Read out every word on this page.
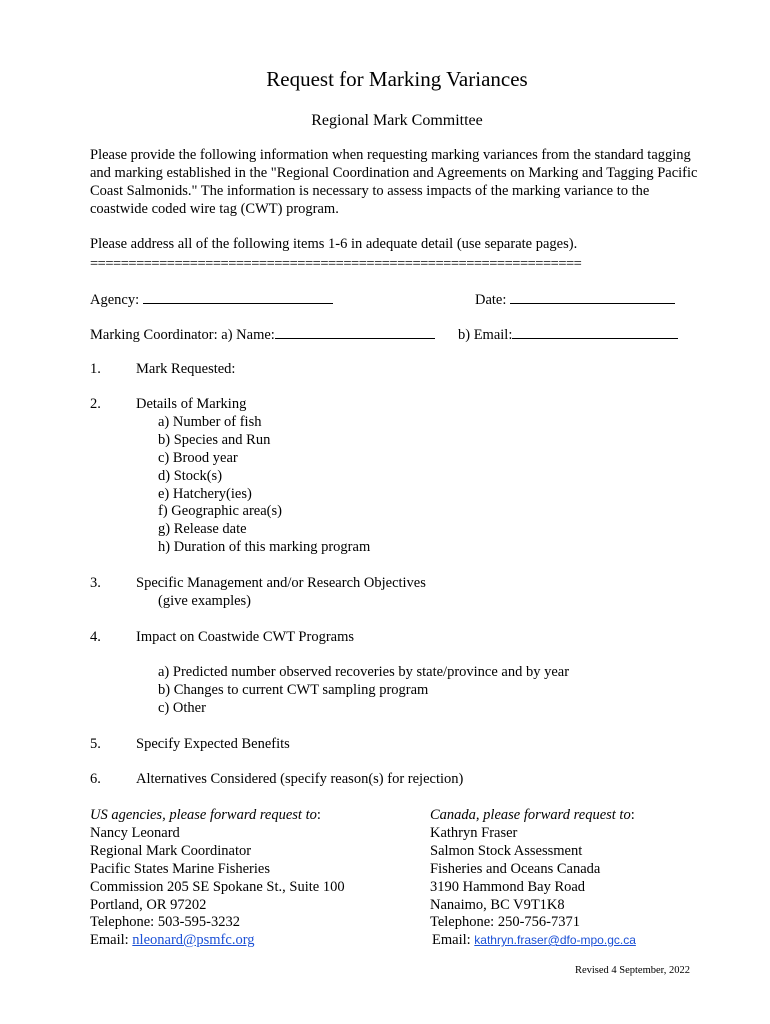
Request for Marking Variances
Regional Mark Committee
Please provide the following information when requesting marking variances from the standard tagging and marking established in the "Regional Coordination and Agreements on Marking and Tagging Pacific Coast Salmonids." The information is necessary to assess impacts of the marking variance to the coastwide coded wire tag (CWT) program.
Please address all of the following items 1-6 in adequate detail (use separate pages).
================================================================
Agency:	Date:
Marking Coordinator: a) Name:	b) Email:
1. Mark Requested:
2. Details of Marking
a) Number of fish
b) Species and Run
c) Brood year
d) Stock(s)
e) Hatchery(ies)
f) Geographic area(s)
g) Release date
h) Duration of this marking program
3. Specific Management and/or Research Objectives
(give examples)
4. Impact on Coastwide CWT Programs
a) Predicted number observed recoveries by state/province and by year
b) Changes to current CWT sampling program
c) Other
5. Specify Expected Benefits
6. Alternatives Considered (specify reason(s) for rejection)
US agencies, please forward request to:
Nancy Leonard
Regional Mark Coordinator
Pacific States Marine Fisheries
Commission 205 SE Spokane St., Suite 100
Portland, OR 97202
Telephone: 503-595-3232
Email: nleonard@psmfc.org
Canada, please forward request to:
Kathryn Fraser
Salmon Stock Assessment
Fisheries and Oceans Canada
3190 Hammond Bay Road
Nanaimo, BC V9T1K8
Telephone: 250-756-7371
Email: kathryn.fraser@dfo-mpo.gc.ca
Revised 4 September, 2022
